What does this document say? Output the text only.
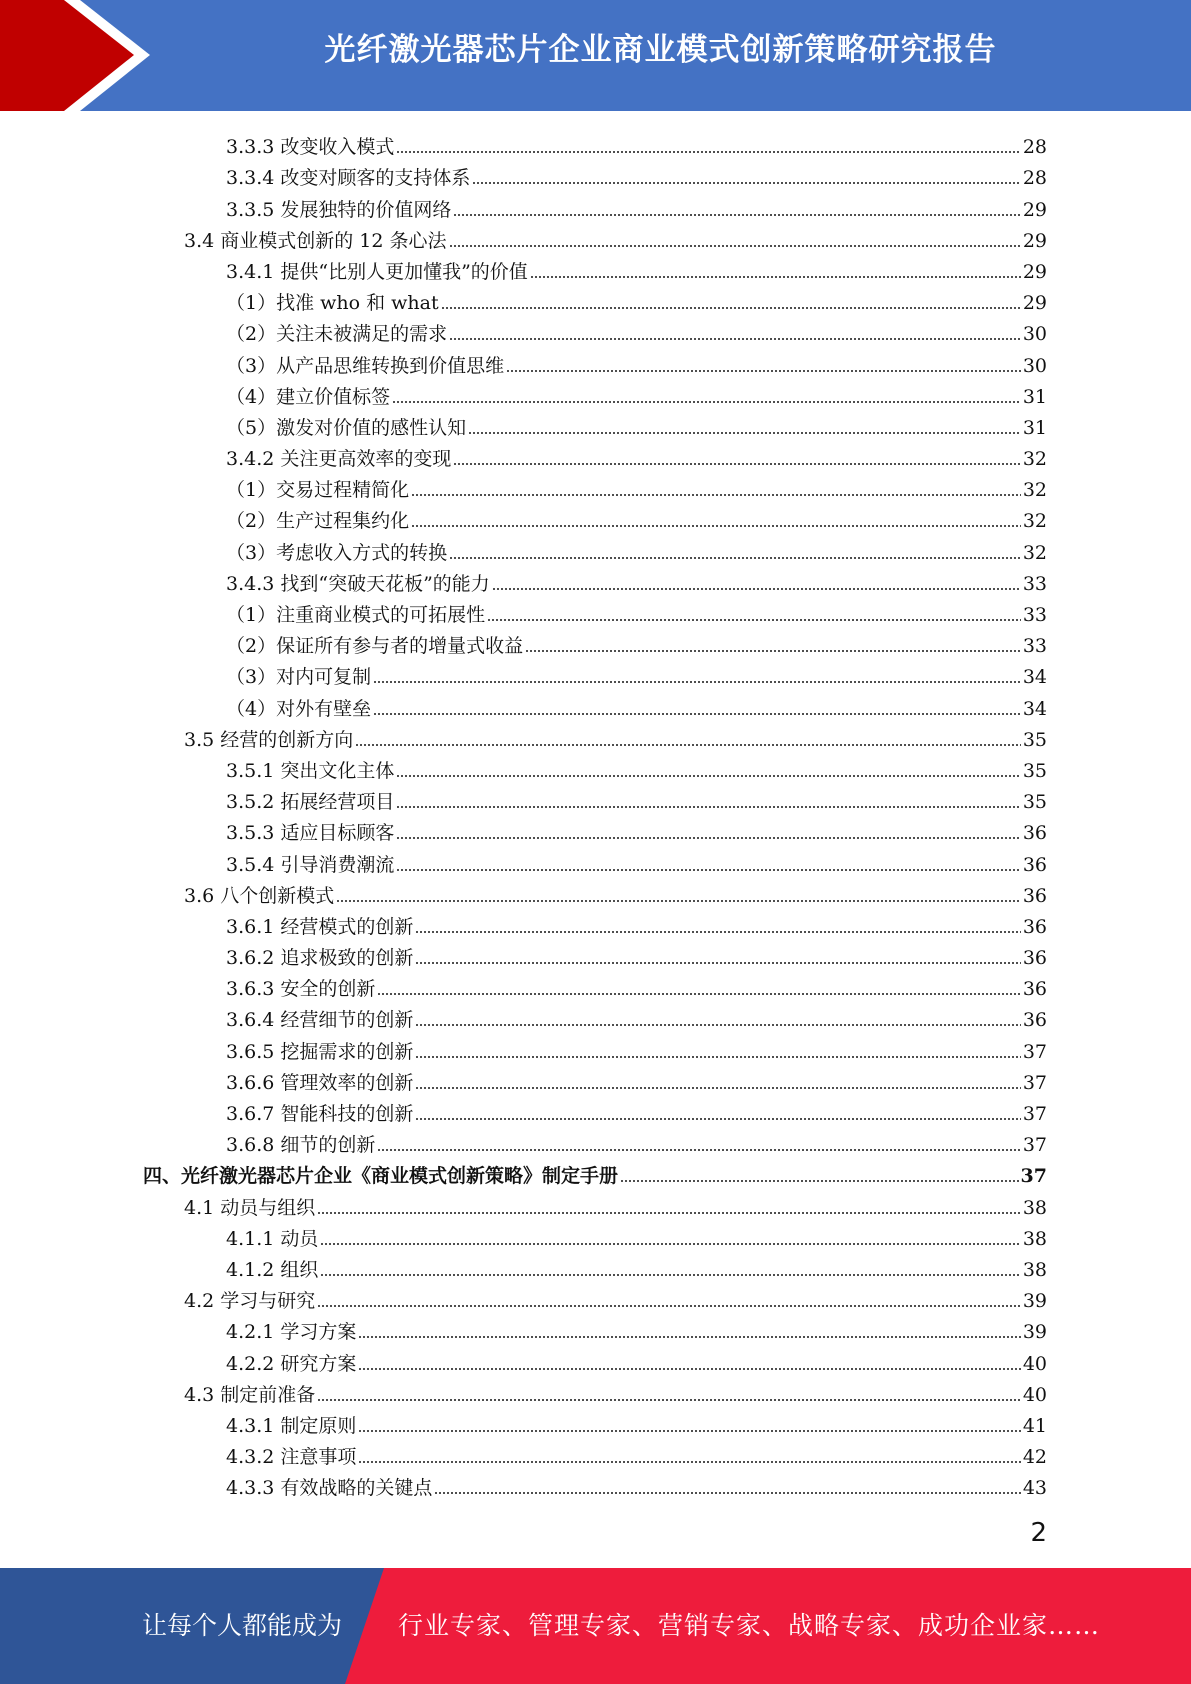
光纤激光器芯片企业商业模式创新策略研究报告
3.3.3 改变收入模式	28
3.3.4 改变对顾客的支持体系	28
3.3.5 发展独特的价值网络	29
3.4 商业模式创新的 12 条心法	29
3.4.1 提供“比别人更加懂我”的价值	29
（1）找准 who 和 what	29
（2）关注未被满足的需求	30
（3）从产品思维转换到价值思维	30
（4）建立价值标签	31
（5）激发对价值的感性认知	31
3.4.2 关注更高效率的变现	32
（1）交易过程精简化	32
（2）生产过程集约化	32
（3）考虑收入方式的转换	32
3.4.3 找到“突破天花板”的能力	33
（1）注重商业模式的可拓展性	33
（2）保证所有参与者的增量式收益	33
（3）对内可复制	34
（4）对外有壁垒	34
3.5 经营的创新方向	35
3.5.1 突出文化主体	35
3.5.2 拓展经营项目	35
3.5.3 适应目标顾客	36
3.5.4 引导消费潮流	36
3.6 八个创新模式	36
3.6.1 经营模式的创新	36
3.6.2 追求极致的创新	36
3.6.3 安全的创新	36
3.6.4 经营细节的创新	36
3.6.5 挖掘需求的创新	37
3.6.6 管理效率的创新	37
3.6.7 智能科技的创新	37
3.6.8 细节的创新	37
四、光纤激光器芯片企业《商业模式创新策略》制定手册	37
4.1 动员与组织	38
4.1.1 动员	38
4.1.2 组织	38
4.2 学习与研究	39
4.2.1 学习方案	39
4.2.2 研究方案	40
4.3 制定前准备	40
4.3.1 制定原则	41
4.3.2 注意事项	42
4.3.3 有效战略的关键点	43
2
让每个人都能成为 行业专家、管理专家、营销专家、战略专家、成功企业家……
